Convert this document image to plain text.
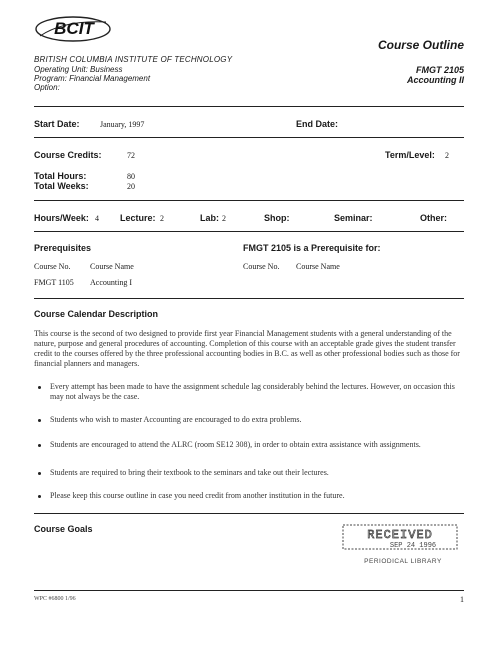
BCIT
Course Outline
BRITISH COLUMBIA INSTITUTE OF TECHNOLOGY
Operating Unit: Business
Program: Financial Management
Option:
FMGT 2105
Accounting II
Start Date:	January, 1997	End Date:
Course Credits:	72	Term/Level: 2
Total Hours:	80
Total Weeks:	20
Hours/Week: 4 Lecture: 2	Lab: 2	Shop:	Seminar:	Other:
Prerequisites
Course No. Course Name
FMGT 1105 Accounting I
FMGT 2105 is a Prerequisite for:
Course No. Course Name
Course Calendar Description
This course is the second of two designed to provide first year Financial Management students with a general understanding of the nature, purpose and general procedures of accounting. Completion of this course with an acceptable grade gives the student transfer credit to the courses offered by the three professional accounting bodies in B.C. as well as other professional bodies such as those for financial planners and managers.
Every attempt has been made to have the assignment schedule lag considerably behind the lectures. However, on occasion this may not always be the case.
Students who wish to master Accounting are encouraged to do extra problems.
Students are encouraged to attend the ALRC (room SE12 308), in order to obtain extra assistance with assignments.
Students are required to bring their textbook to the seminars and take out their lectures.
Please keep this course outline in case you need credit from another institution in the future.
Course Goals	RECEIVED
SEP 24 1996
PERIODICAL LIBRARY
WPC #6800 1/96	1
